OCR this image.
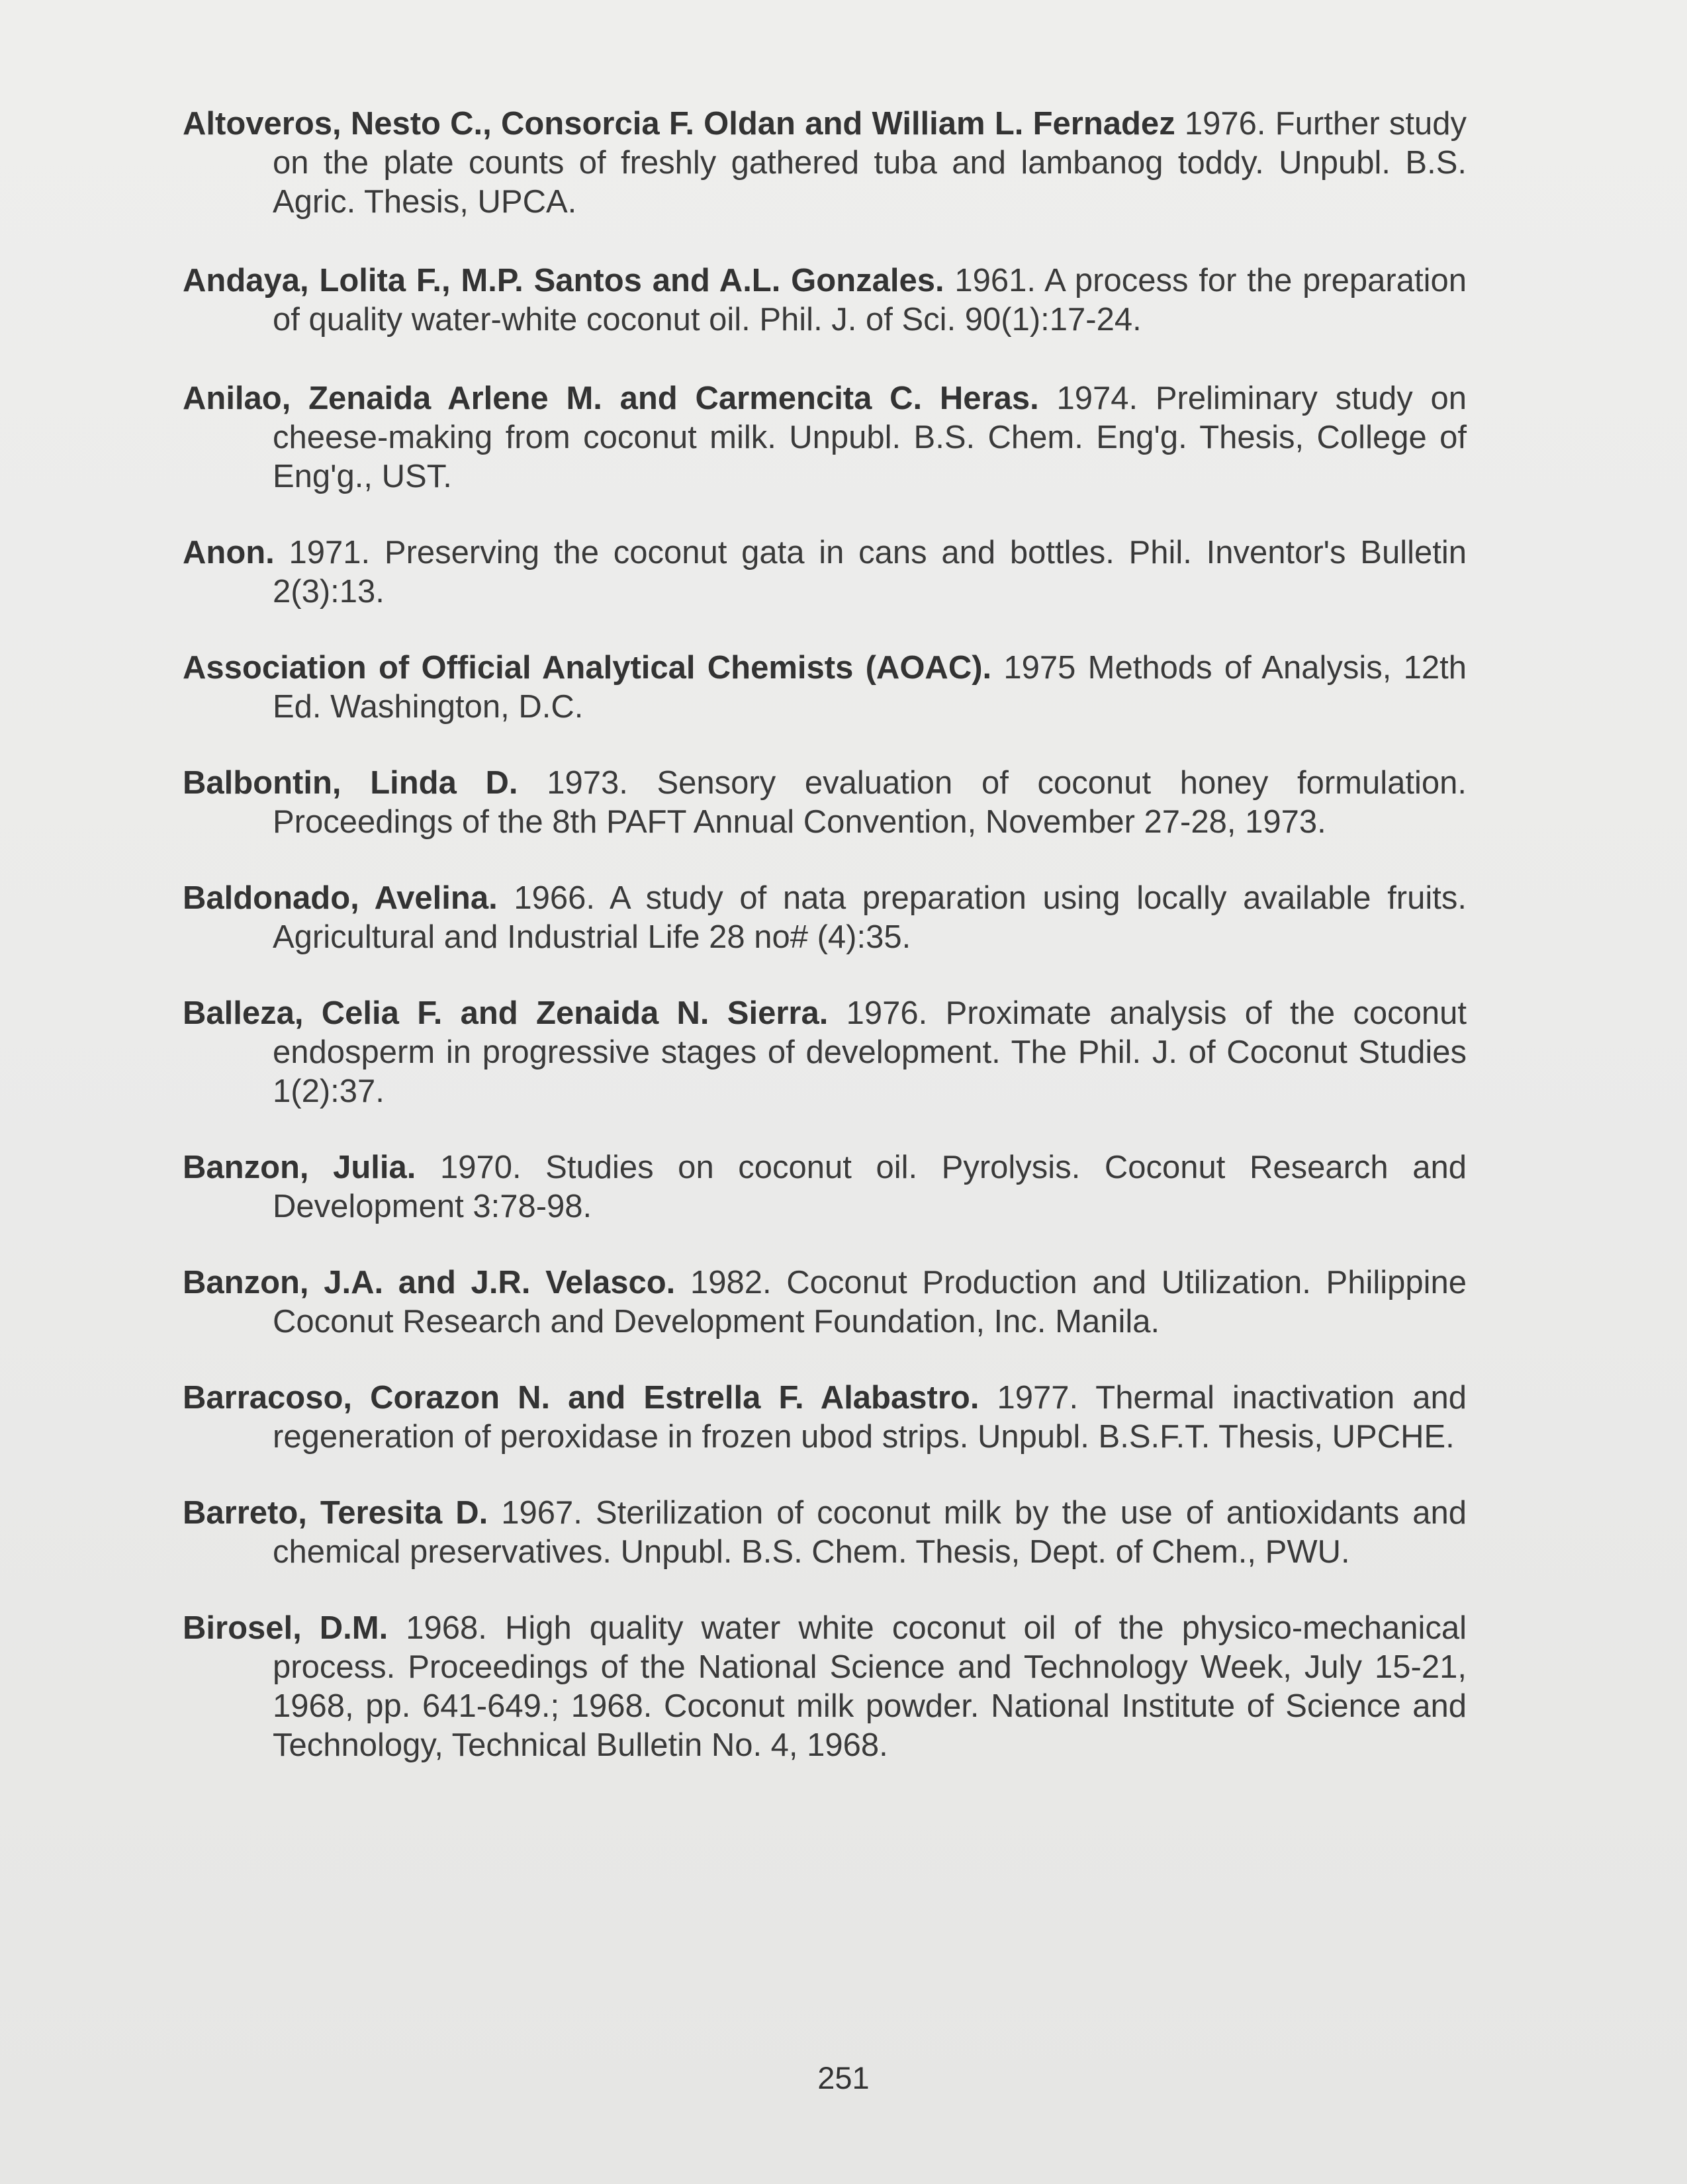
Altoveros, Nesto C., Consorcia F. Oldan and William L. Fernadez 1976. Further study on the plate counts of freshly gathered tuba and lambanog toddy. Unpubl. B.S. Agric. Thesis, UPCA.
Andaya, Lolita F., M.P. Santos and A.L. Gonzales. 1961. A process for the preparation of quality water-white coconut oil. Phil. J. of Sci. 90(1):17-24.
Anilao, Zenaida Arlene M. and Carmencita C. Heras. 1974. Preliminary study on cheese-making from coconut milk. Unpubl. B.S. Chem. Eng'g. Thesis, College of Eng'g., UST.
Anon. 1971. Preserving the coconut gata in cans and bottles. Phil. Inventor's Bulletin 2(3):13.
Association of Official Analytical Chemists (AOAC). 1975 Methods of Analysis, 12th Ed. Washington, D.C.
Balbontin, Linda D. 1973. Sensory evaluation of coconut honey formulation. Proceedings of the 8th PAFT Annual Convention, November 27-28, 1973.
Baldonado, Avelina. 1966. A study of nata preparation using locally available fruits. Agricultural and Industrial Life 28 no# (4):35.
Balleza, Celia F. and Zenaida N. Sierra. 1976. Proximate analysis of the coconut endosperm in progressive stages of development. The Phil. J. of Coconut Studies 1(2):37.
Banzon, Julia. 1970. Studies on coconut oil. Pyrolysis. Coconut Research and Development 3:78-98.
Banzon, J.A. and J.R. Velasco. 1982. Coconut Production and Utilization. Philippine Coconut Research and Development Foundation, Inc. Manila.
Barracoso, Corazon N. and Estrella F. Alabastro. 1977. Thermal inactivation and regeneration of peroxidase in frozen ubod strips. Unpubl. B.S.F.T. Thesis, UPCHE.
Barreto, Teresita D. 1967. Sterilization of coconut milk by the use of antioxidants and chemical preservatives. Unpubl. B.S. Chem. Thesis, Dept. of Chem., PWU.
Birosel, D.M. 1968. High quality water white coconut oil of the physico-mechanical process. Proceedings of the National Science and Technology Week, July 15-21, 1968, pp. 641-649.; 1968. Coconut milk powder. National Institute of Science and Technology, Technical Bulletin No. 4, 1968.
251
